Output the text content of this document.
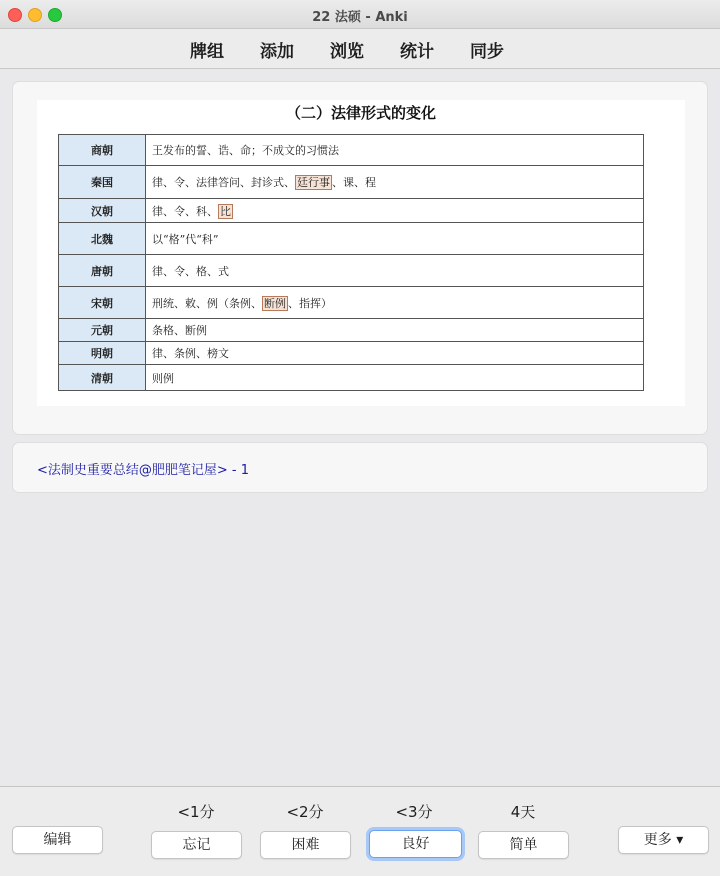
22 法硕 - Anki
牌组 添加 浏览 统计 同步
（二）法律形式的变化
商朝	王发布的誓、诰、命；不成文的习惯法
秦国	律、令、法律答问、封诊式、 廷行事 、课、程
汉朝	律、令、科、 比
北魏	以“格”代“科”
唐朝	律、令、格、式
宋朝	刑统、敕、例（条例、 断例 、指挥）
元朝	条格、断例
明朝	律、条例、榜文
清朝	则例
<法制史重要总结@肥肥笔记屋> - 1
编辑
<1分	<2分	<3分	4天
忘记	困难	良好	简单	更多 ▾
